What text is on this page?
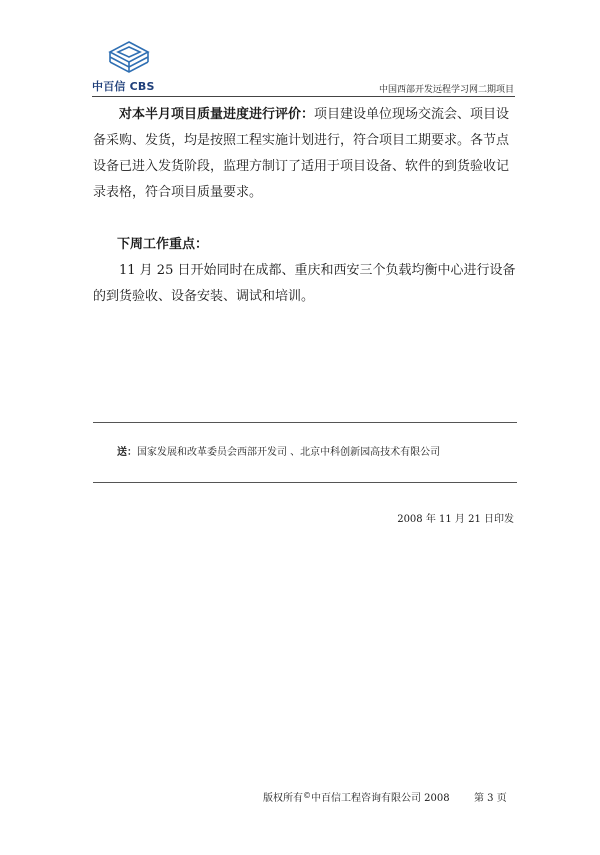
中百信 CBS	中国西部开发远程学习网二期项目

对本半月项目质量进度进行评价：项目建设单位现场交流会、项目设备采购、发货，均是按照工程实施计划进行，符合项目工期要求。各节点设备已进入发货阶段，监理方制订了适用于项目设备、软件的到货验收记录表格，符合项目质量要求。

下周工作重点：

11 月 25 日开始同时在成都、重庆和西安三个负载均衡中心进行设备的到货验收、设备安装、调试和培训。

送：国家发展和改革委员会西部开发司 、北京中科创新园高技术有限公司
2008 年 11 月 21 日印发
版权所有©中百信工程咨询有限公司 2008 第 3 页
